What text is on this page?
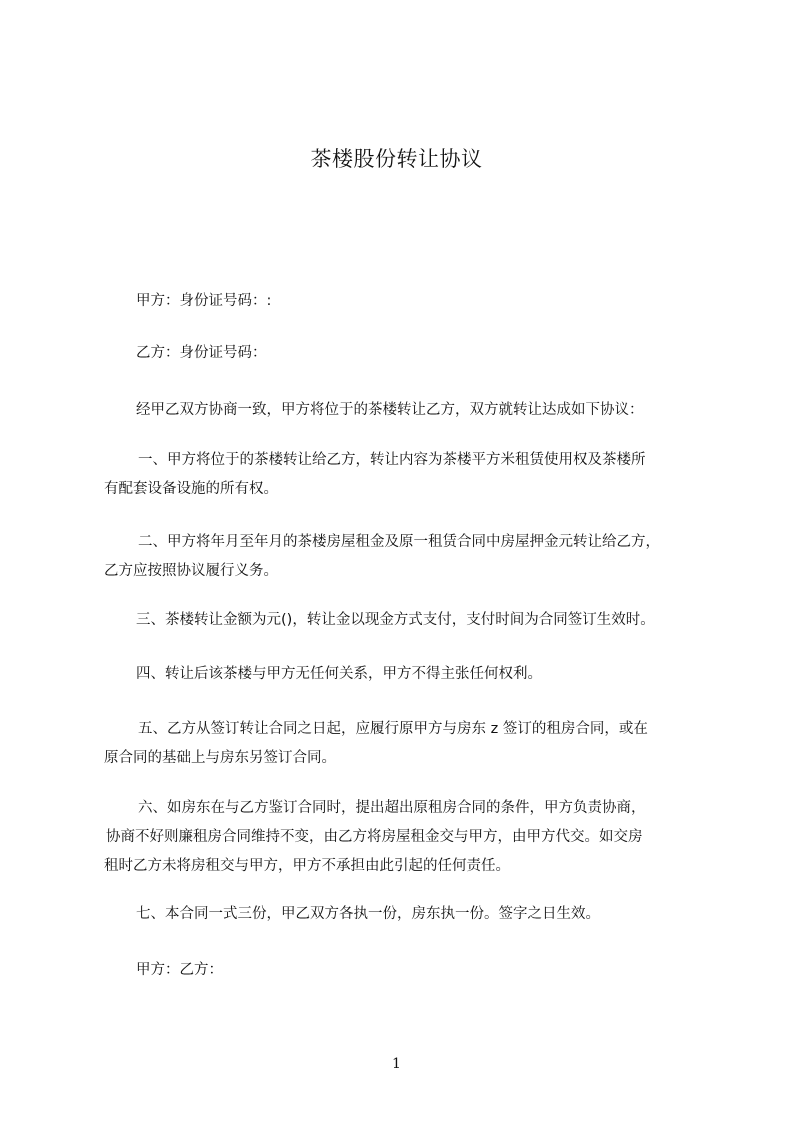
茶楼股份转让协议
甲方：身份证号码：:
乙方：身份证号码：
经甲乙双方协商一致，甲方将位于的茶楼转让乙方，双方就转让达成如下协议：
一、甲方将位于的茶楼转让给乙方，转让内容为茶楼平方米租赁使用权及茶楼所
有配套设备设施的所有权。
二、甲方将年月至年月的茶楼房屋租金及原一租赁合同中房屋押金元转让给乙方，
乙方应按照协议履行义务。
三、茶楼转让金额为元()，转让金以现金方式支付，支付时间为合同签订生效时。
四、转让后该茶楼与甲方无任何关系，甲方不得主张任何权利。
五、乙方从签订转让合同之日起，应履行原甲方与房东 z 签订的租房合同，或在
原合同的基础上与房东另签订合同。
六、如房东在与乙方鉴订合同时，提出超出原租房合同的条件，甲方负责协商，
协商不好则廉租房合同维持不变，由乙方将房屋租金交与甲方，由甲方代交。如交房
租时乙方未将房租交与甲方，甲方不承担由此引起的任何责任。
七、本合同一式三份，甲乙双方各执一份，房东执一份。签字之日生效。
甲方：乙方：
1
